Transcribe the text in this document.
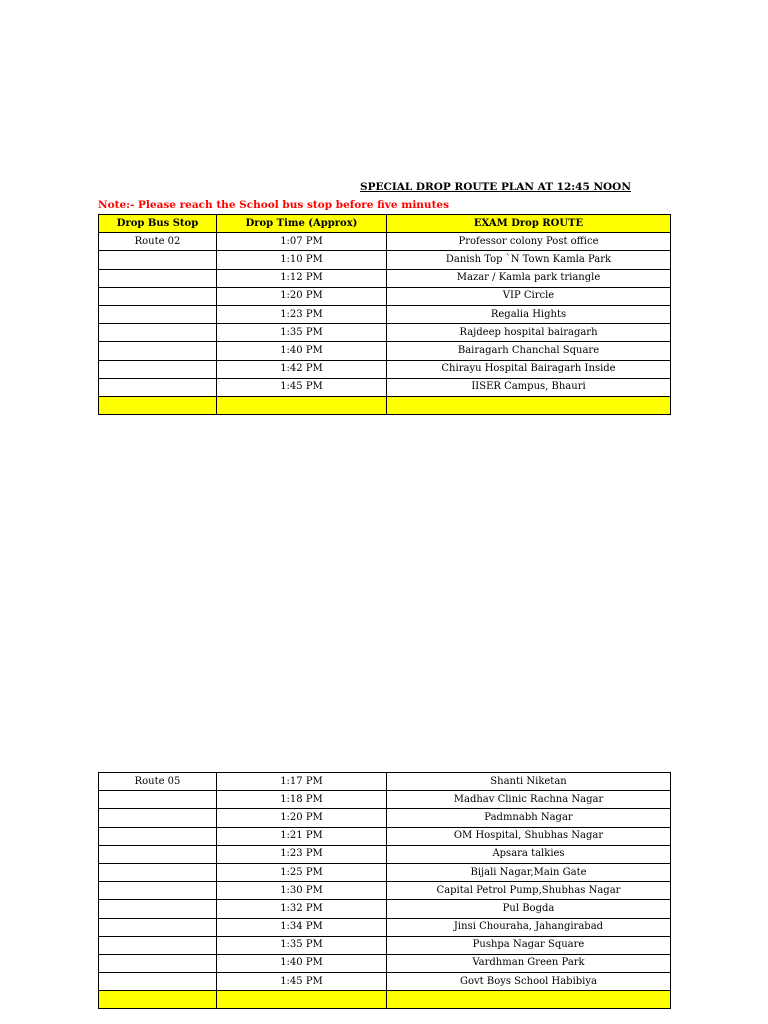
SPECIAL DROP ROUTE PLAN AT 12:45 NOON
Note:- Please reach the School bus stop before five minutes
Drop Bus Stop	Drop Time (Approx)	EXAM Drop ROUTE
Route 02	1:07 PM	Professor colony Post office
	1:10 PM	Danish Top `N Town Kamla Park
	1:12 PM	Mazar / Kamla park triangle
	1:20 PM	VIP Circle
	1:23 PM	Regalia Hights
	1:35 PM	Rajdeep hospital bairagarh
	1:40 PM	Bairagarh Chanchal Square
	1:42 PM	Chirayu Hospital Bairagarh Inside
	1:45 PM	IISER Campus, Bhauri

Route 05	1:17 PM	Shanti Niketan
	1:18 PM	Madhav Clinic Rachna Nagar
	1:20 PM	Padmnabh Nagar
	1:21 PM	OM Hospital, Shubhas Nagar
	1:23 PM	Apsara talkies
	1:25 PM	Bijali Nagar,Main Gate
	1:30 PM	Capital Petrol Pump,Shubhas Nagar
	1:32 PM	Pul Bogda
	1:34 PM	Jinsi Chouraha, Jahangirabad
	1:35 PM	Pushpa Nagar Square
	1:40 PM	Vardhman Green Park
	1:45 PM	Govt Boys School Habibiya
